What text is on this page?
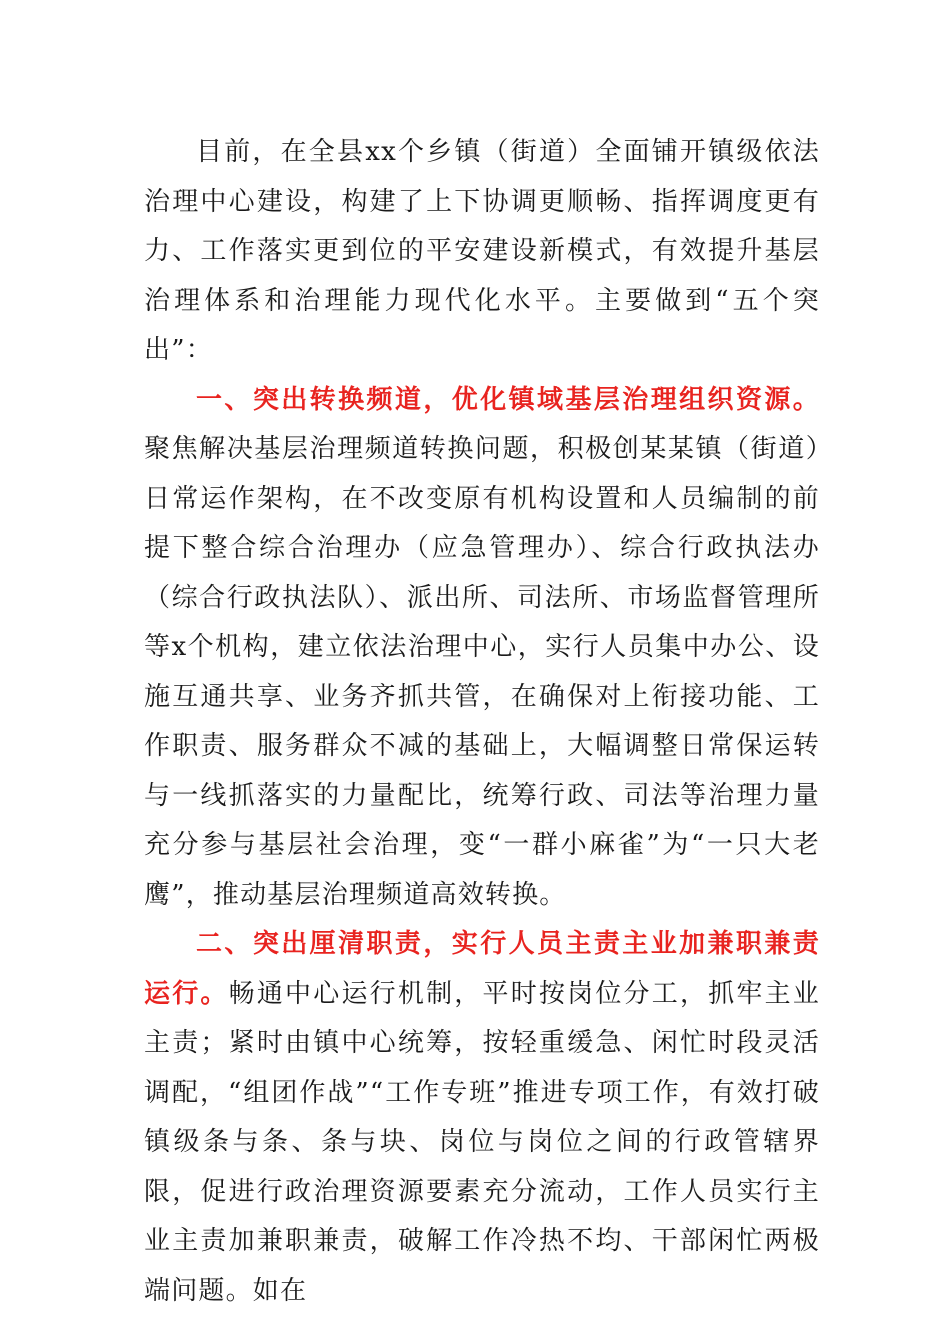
目前，在全县xx个乡镇（街道）全面铺开镇级依法治理中心建设，构建了上下协调更顺畅、指挥调度更有力、工作落实更到位的平安建设新模式，有效提升基层治理体系和治理能力现代化水平。主要做到“五个突出”：

一、突出转换频道，优化镇域基层治理组织资源。聚焦解决基层治理频道转换问题，积极创某某镇（街道）日常运作架构，在不改变原有机构设置和人员编制的前提下整合综合治理办（应急管理办）、综合行政执法办（综合行政执法队）、派出所、司法所、市场监督管理所等x个机构，建立依法治理中心，实行人员集中办公、设施互通共享、业务齐抓共管，在确保对上衔接功能、工作职责、服务群众不减的基础上，大幅调整日常保运转与一线抓落实的力量配比，统筹行政、司法等治理力量充分参与基层社会治理，变“一群小麻雀”为“一只大老鹰”，推动基层治理频道高效转换。

二、突出厘清职责，实行人员主责主业加兼职兼责运行。畅通中心运行机制，平时按岗位分工，抓牢主业主责；紧时由镇中心统筹，按轻重缓急、闲忙时段灵活调配，“组团作战”“工作专班”推进专项工作，有效打破镇级条与条、条与块、岗位与岗位之间的行政管辖界限，促进行政治理资源要素充分流动，工作人员实行主业主责加兼职兼责，破解工作冷热不均、干部闲忙两极端问题。如在
